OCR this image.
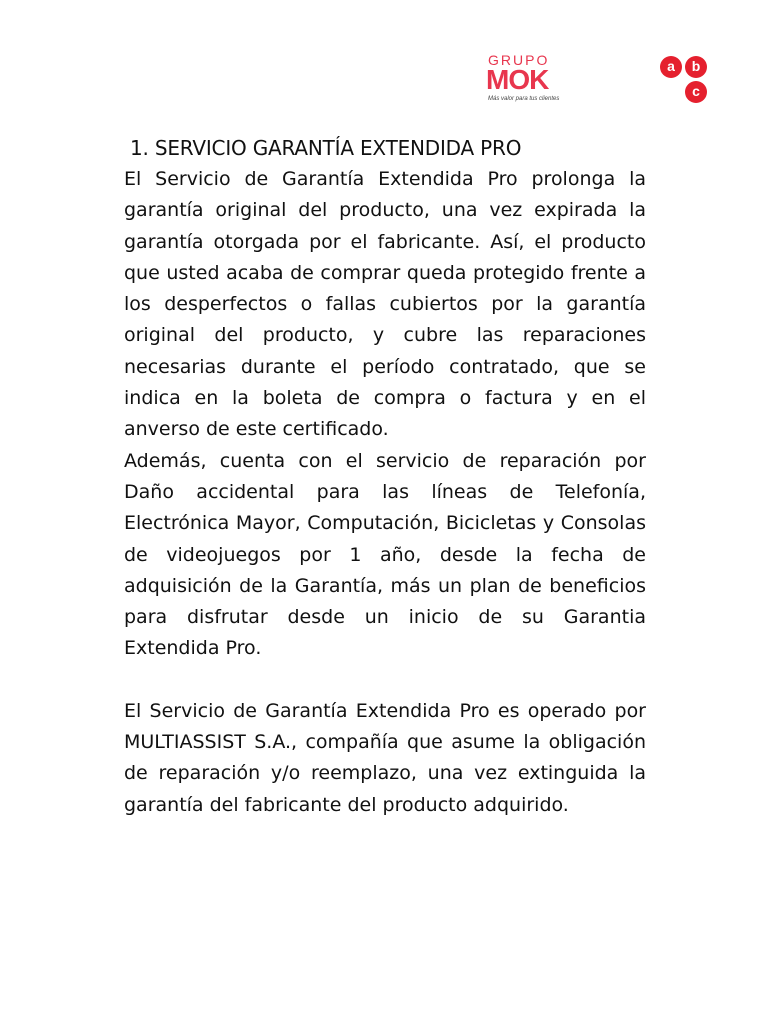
GRUPO
MOK
Más valor para tus clientes
a	b
c
1. SERVICIO GARANTÍA EXTENDIDA PRO

El Servicio de Garantía Extendida Pro prolonga la garantía original del producto, una vez expirada la garantía otorgada por el fabricante. Así, el producto que usted acaba de comprar queda protegido frente a los desperfectos o fallas cubiertos por la garantía original del producto, y cubre las reparaciones necesarias durante el período contratado, que se indica en la boleta de compra o factura y en el anverso de este certificado.

Además, cuenta con el servicio de reparación por Daño accidental para las líneas de Telefonía, Electrónica Mayor, Computación, Bicicletas y Consolas de videojuegos por 1 año, desde la fecha de adquisición de la Garantía, más un plan de beneficios para disfrutar desde un inicio de su Garantia Extendida Pro.

El Servicio de Garantía Extendida Pro es operado por MULTIASSIST S.A., compañía que asume la obligación de reparación y/o reemplazo, una vez extinguida la garantía del fabricante del producto adquirido.
